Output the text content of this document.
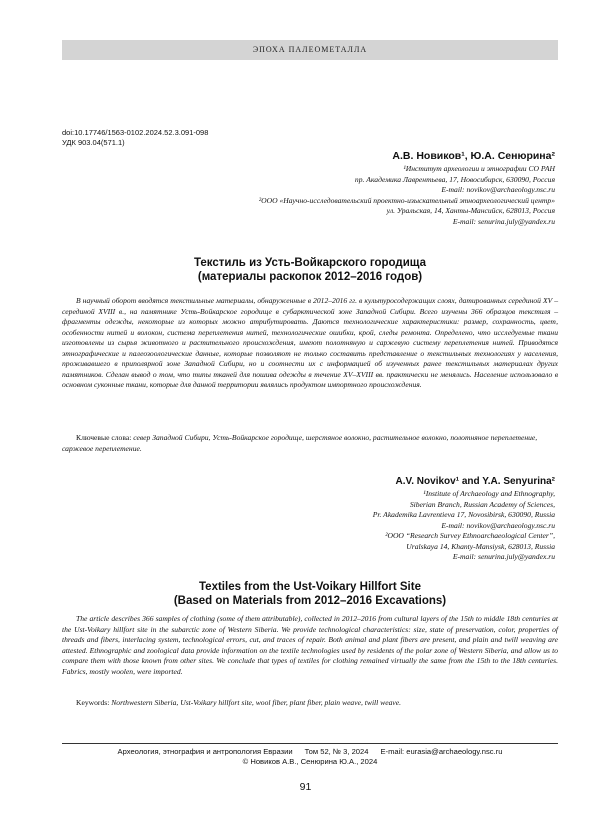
ЭПОХА ПАЛЕОМЕТАЛЛА
doi:10.17746/1563-0102.2024.52.3.091-098
УДК 903.04(571.1)
А.В. Новиков¹, Ю.А. Сенюрина²
¹Институт археологии и этнографии СО РАН
пр. Академика Лаврентьева, 17, Новосибирск, 630090, Россия
E-mail: novikov@archaeology.nsc.ru
²ООО «Научно-исследовательский проектно-изыскательный этноархеологический центр»
ул. Уральская, 14, Ханты-Мансийск, 628013, Россия
E-mail: senurina.july@yandex.ru
Текстиль из Усть-Войкарского городища
(материалы раскопок 2012–2016 годов)

В научный оборот вводятся текстильные материалы, обнаруженные в 2012–2016 гг. в культуросодержащих слоях, датированных серединой XV – серединой XVIII в., на памятнике Усть-Войкарское городище в субарктической зоне Западной Сибири. Всего изучены 366 образцов текстиля – фрагменты одежды, некоторые из которых можно атрибутировать. Даются технологические характеристики: размер, сохранность, цвет, особенности нитей и волокон, система переплетения нитей, технологические ошибки, крой, следы ремонта. Определено, что исследуемые ткани изготовлены из сырья животного и растительного происхождения, имеют полотняную и саржевую систему переплетения нитей. Приводятся этнографические и палеозоологические данные, которые позволяют не только составить представление о текстильных технологиях у населения, проживавшего в приполярной зоне Западной Сибири, но и соотнести их с информацией об изученных ранее текстильных материалах других памятников. Сделан вывод о том, что типы тканей для пошива одежды в течение XV–XVIII вв. практически не менялись. Население использовало в основном суконные ткани, которые для данной территории являлись продуктом импортного происхождения.

Ключевые слова: север Западной Сибири, Усть-Войкарское городище, шерстяное волокно, растительное волокно, полотняное переплетение, саржевое переплетение.

A.V. Novikov¹ and Y.A. Senyurina²
¹Institute of Archaeology and Ethnography,
Siberian Branch, Russian Academy of Sciences,
Pr. Akademika Lavrentieva 17, Novosibirsk, 630090, Russia
E-mail: novikov@archaeology.nsc.ru
²OOO “Research Survey Ethnoarchaeological Center”,
Uralskaya 14, Khanty-Mansiysk, 628013, Russia
E-mail: senurina.july@yandex.ru
Textiles from the Ust-Voikary Hillfort Site
(Based on Materials from 2012–2016 Excavations)

The article describes 366 samples of clothing (some of them attributable), collected in 2012–2016 from cultural layers of the 15th to middle 18th centuries at the Ust-Voikary hillfort site in the subarctic zone of Western Siberia. We provide technological characteristics: size, state of preservation, color, properties of threads and fibers, interlacing system, technological errors, cut, and traces of repair. Both animal and plant fibers are present, and plain and twill weaving are attested. Ethnographic and zoological data provide information on the textile technologies used by residents of the polar zone of Western Siberia, and allow us to compare them with those known from other sites. We conclude that types of textiles for clothing remained virtually the same from the 15th to the 18th centuries. Fabrics, mostly woolen, were imported.

Keywords: Northwestern Siberia, Ust-Voikary hillfort site, wool fiber, plant fiber, plain weave, twill weave.

Археология, этнография и антропология Евразии Том 52, № 3, 2024 E-mail: eurasia@archaeology.nsc.ru
© Новиков А.В., Сенюрина Ю.А., 2024
91
